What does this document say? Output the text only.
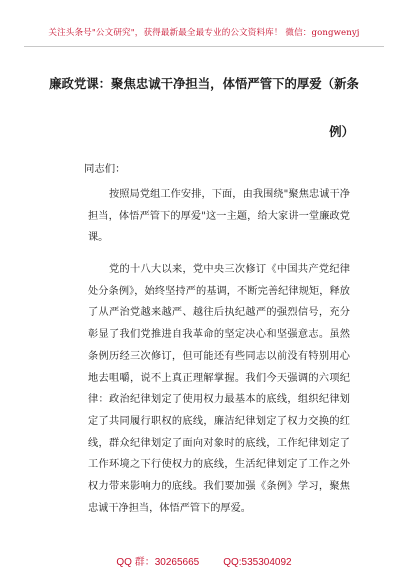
关注头条号"公文研究"，获得最新最全最专业的公文资料库！ 微信：gongwenyj
廉政党课：聚焦忠诚干净担当，体悟严管下的厚爱（新条
例）
同志们：

按照局党组工作安排，下面，由我围绕"聚焦忠诚干净担当，体悟严管下的厚爱"这一主题，给大家讲一堂廉政党课。

党的十八大以来，党中央三次修订《中国共产党纪律处分条例》，始终坚持严的基调，不断完善纪律规矩，释放了从严治党越来越严、越往后执纪越严的强烈信号，充分彰显了我们党推进自我革命的坚定决心和坚强意志。虽然条例历经三次修订，但可能还有些同志以前没有特别用心地去咀嚼，说不上真正理解掌握。我们今天强调的六项纪律：政治纪律划定了使用权力最基本的底线，组织纪律划定了共同履行职权的底线，廉洁纪律划定了权力交换的红线，群众纪律划定了面向对象时的底线，工作纪律划定了工作环境之下行使权力的底线，生活纪律划定了工作之外权力带来影响力的底线。我们要加强《条例》学习，聚焦忠诚干净担当，体悟严管下的厚爱。

QQ 群：30265665 QQ:535304092
